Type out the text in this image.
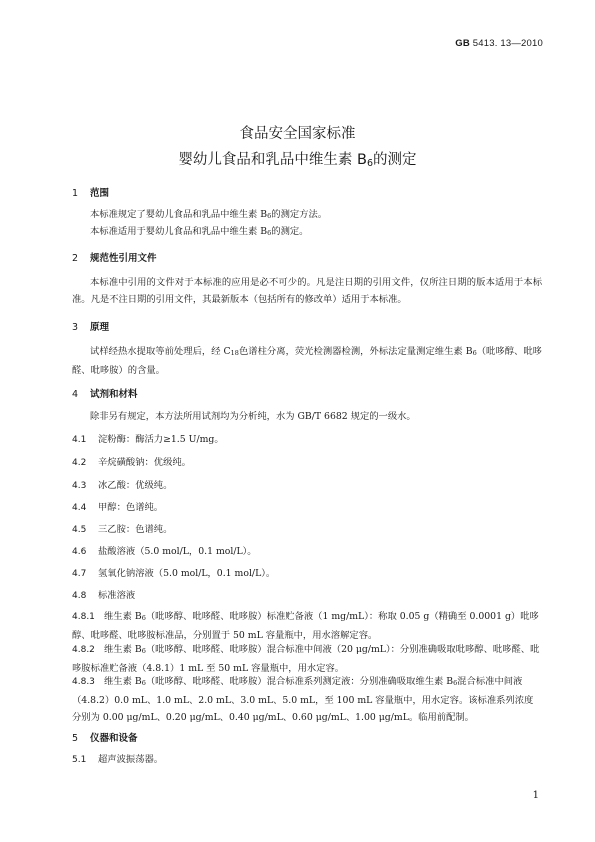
GB 5413. 13—2010
食品安全国家标准
婴幼儿食品和乳品中维生素 $B_6$的测定
1 范围
本标准规定了婴幼儿食品和乳品中维生素 $B_6$的测定方法。
本标准适用于婴幼儿食品和乳品中维生素 $B_6$的测定。
2 规范性引用文件
本标准中引用的文件对于本标准的应用是必不可少的。凡是注日期的引用文件，仅所注日期的版本适用于本标准。凡是不注日期的引用文件，其最新版本（包括所有的修改单）适用于本标准。
3 原理
试样经热水提取等前处理后，经 $C_{18}$色谱柱分离，荧光检测器检测，外标法定量测定维生素 $B_6$（吡哆醇、吡哆醛、吡哆胺）的含量。
4 试剂和材料
除非另有规定，本方法所用试剂均为分析纯，水为 GB/T 6682 规定的一级水。
4.1 淀粉酶：酶活力≥1.5 U/mg。
4.2 辛烷磺酸钠：优级纯。
4.3 冰乙酸：优级纯。
4.4 甲醇：色谱纯。
4.5 三乙胺：色谱纯。
4.6 盐酸溶液（5.0 mol/L，0.1 mol/L）。
4.7 氢氧化钠溶液（5.0 mol/L，0.1 mol/L）。
4.8 标准溶液
4.8.1 维生素 $B_6$（吡哆醇、吡哆醛、吡哆胺）标准贮备液（1 mg/mL）：称取 0.05 g（精确至 0.0001 g）吡哆醇、吡哆醛、吡哆胺标准品，分别置于 50 mL 容量瓶中，用水溶解定容。
4.8.2 维生素 $B_6$（吡哆醇、吡哆醛、吡哆胺）混合标准中间液（20 μg/mL）：分别准确吸取吡哆醇、吡哆醛、吡哆胺标准贮备液（4.8.1）1 mL 至 50 mL 容量瓶中，用水定容。
4.8.3 维生素 $B_6$（吡哆醇、吡哆醛、吡哆胺）混合标准系列测定液：分别准确吸取维生素 $B_6$混合标准中间液（4.8.2）0.0 mL、1.0 mL、2.0 mL、3.0 mL、5.0 mL，至 100 mL 容量瓶中，用水定容。该标准系列浓度分别为 0.00 μg/mL、0.20 μg/mL、0.40 μg/mL、0.60 μg/mL、1.00 μg/mL。临用前配制。
5 仪器和设备
5.1 超声波振荡器。
1
